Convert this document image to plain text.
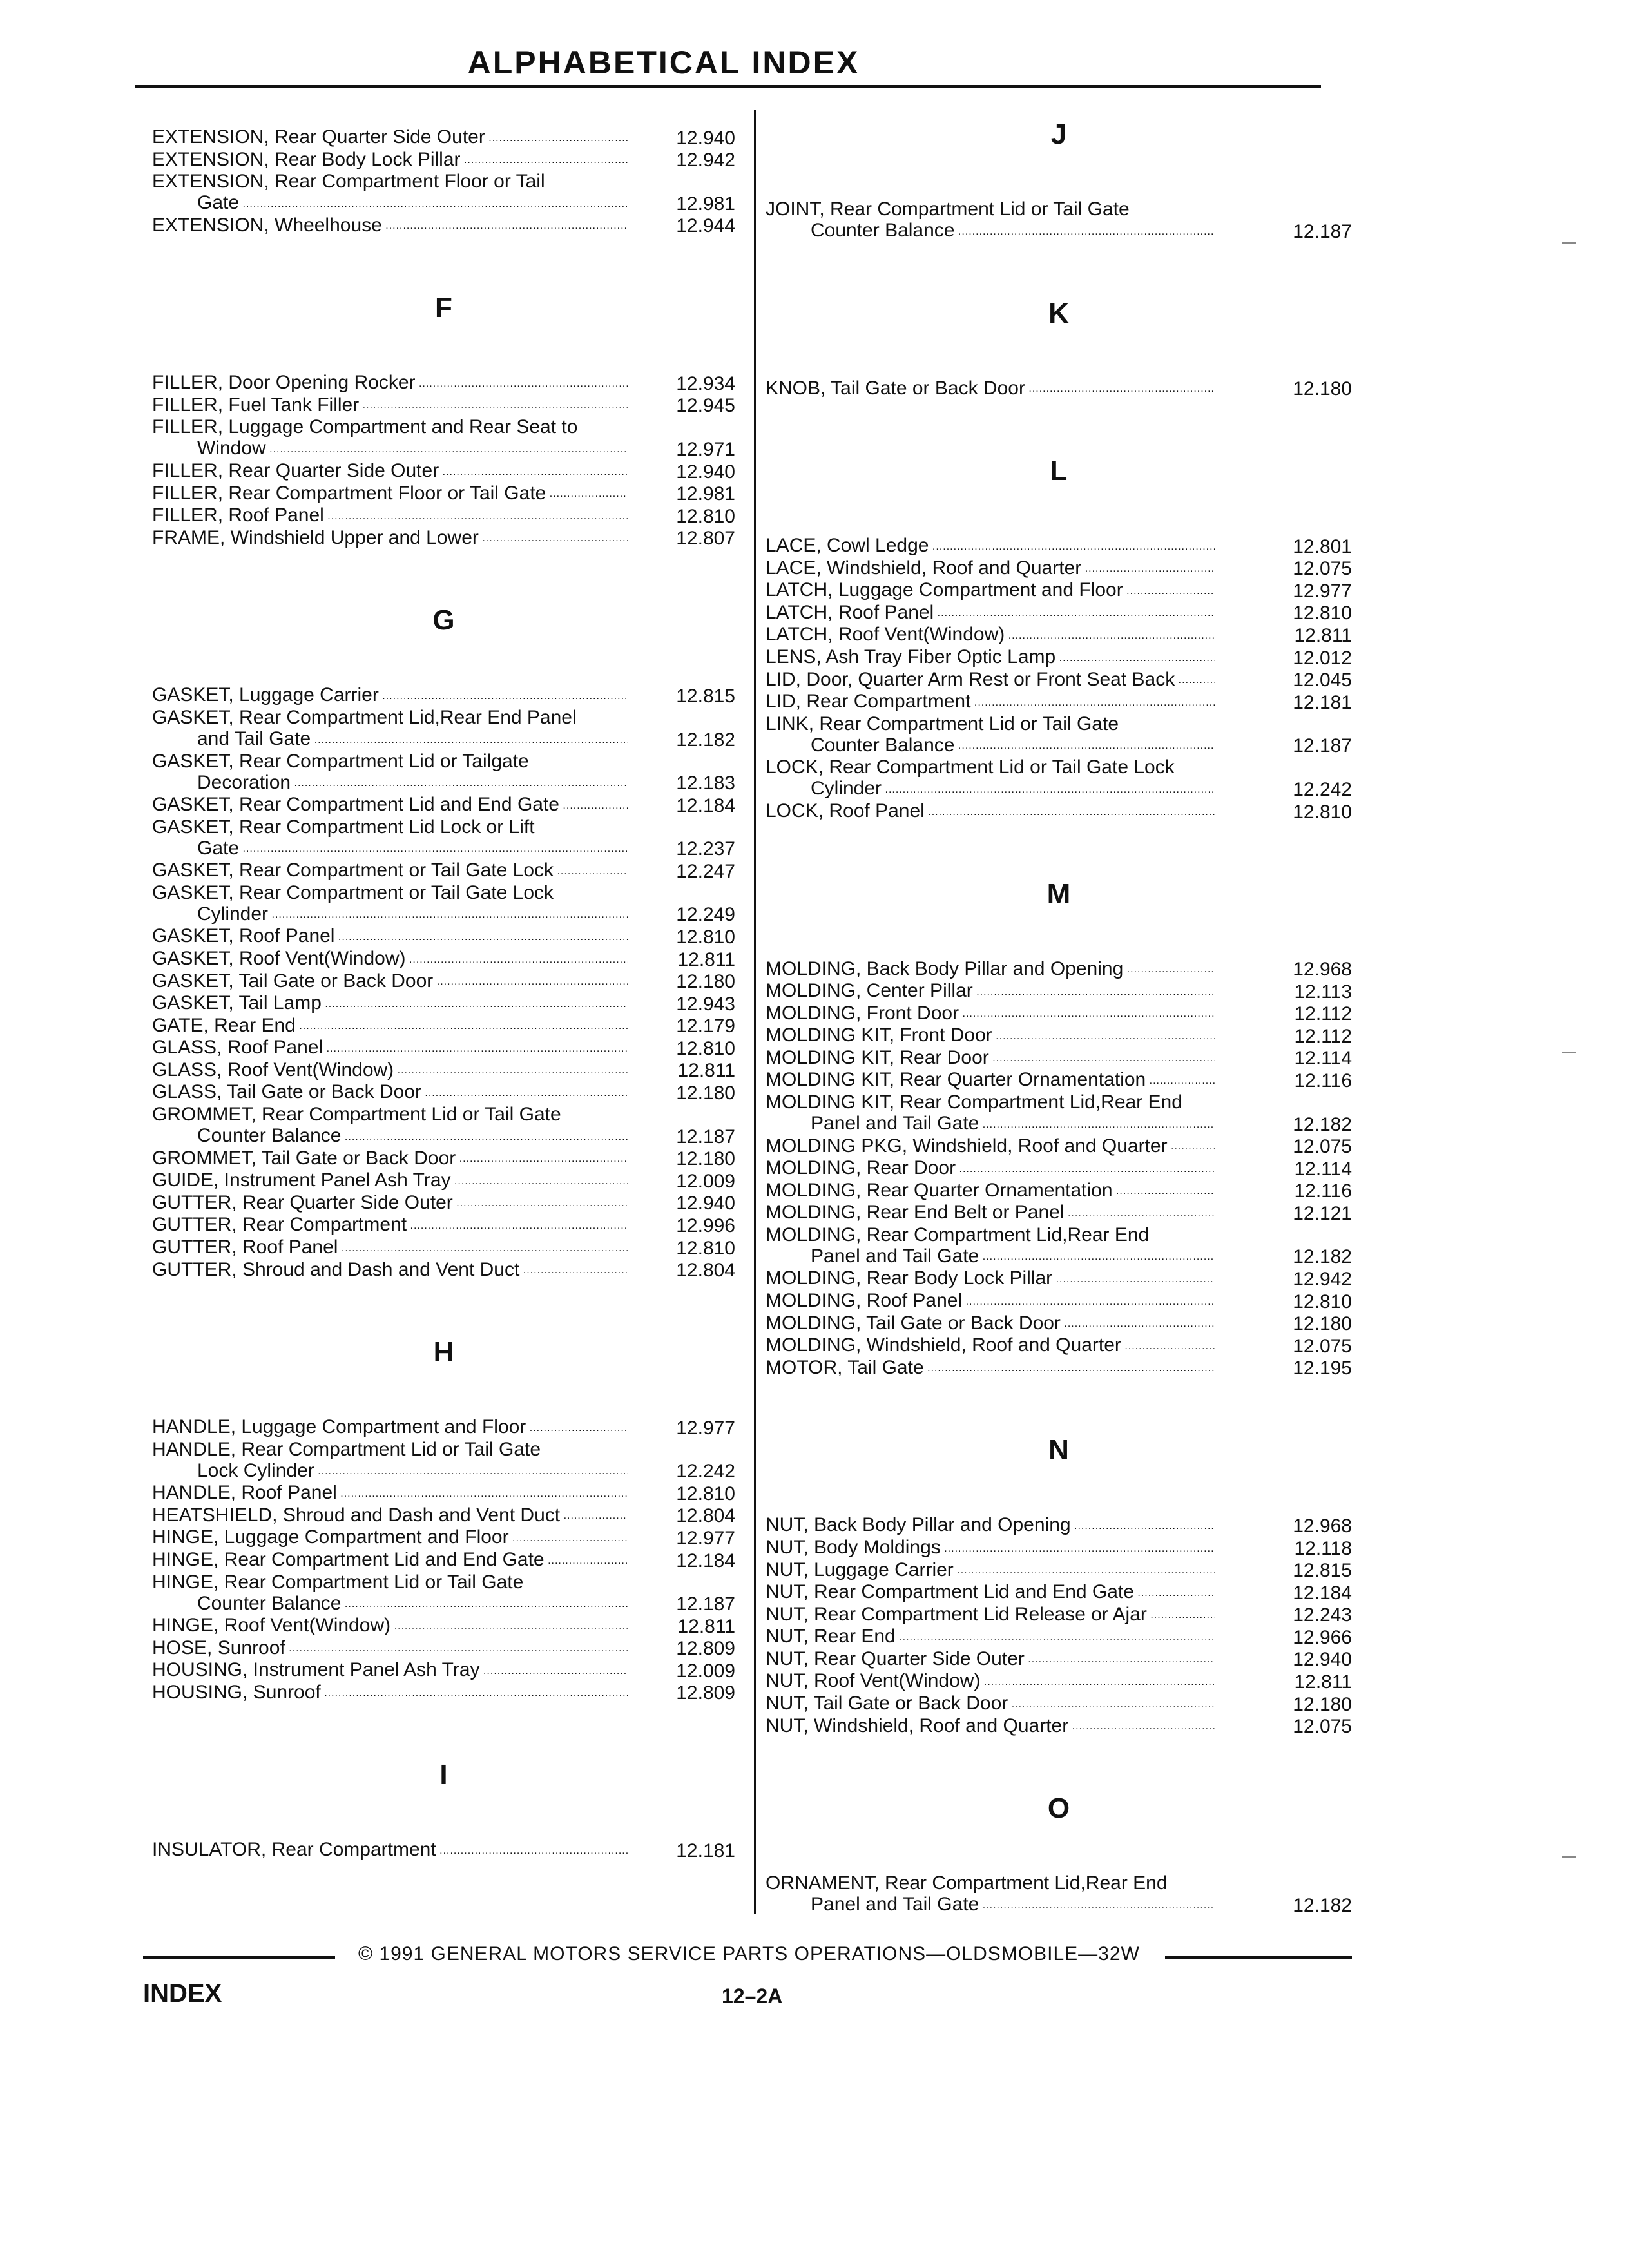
ALPHABETICAL INDEX
EXTENSION, Rear Quarter Side Outer .....	12.940
EXTENSION, Rear Body Lock Pillar .....	12.942
EXTENSION, Rear Compartment Floor or Tail
Gate .....	12.981
EXTENSION, Wheelhouse .....	12.944
F
FILLER, Door Opening Rocker .....	12.934
FILLER, Fuel Tank Filler .....	12.945
FILLER, Luggage Compartment and Rear Seat to
Window .....	12.971
FILLER, Rear Quarter Side Outer .....	12.940
FILLER, Rear Compartment Floor or Tail Gate .....	12.981
FILLER, Roof Panel .....	12.810
FRAME, Windshield Upper and Lower .....	12.807
G
GASKET, Luggage Carrier .....	12.815
GASKET, Rear Compartment Lid,Rear End Panel
and Tail Gate .....	12.182
GASKET, Rear Compartment Lid or Tailgate
Decoration .....	12.183
GASKET, Rear Compartment Lid and End Gate .....	12.184
GASKET, Rear Compartment Lid Lock or Lift
Gate .....	12.237
GASKET, Rear Compartment or Tail Gate Lock .....	12.247
GASKET, Rear Compartment or Tail Gate Lock
Cylinder .....	12.249
GASKET, Roof Panel .....	12.810
GASKET, Roof Vent(Window) .....	12.811
GASKET, Tail Gate or Back Door .....	12.180
GASKET, Tail Lamp .....	12.943
GATE, Rear End .....	12.179
GLASS, Roof Panel .....	12.810
GLASS, Roof Vent(Window) .....	12.811
GLASS, Tail Gate or Back Door .....	12.180
GROMMET, Rear Compartment Lid or Tail Gate
Counter Balance .....	12.187
GROMMET, Tail Gate or Back Door .....	12.180
GUIDE, Instrument Panel Ash Tray .....	12.009
GUTTER, Rear Quarter Side Outer .....	12.940
GUTTER, Rear Compartment .....	12.996
GUTTER, Roof Panel .....	12.810
GUTTER, Shroud and Dash and Vent Duct .....	12.804
H
HANDLE, Luggage Compartment and Floor .....	12.977
HANDLE, Rear Compartment Lid or Tail Gate
Lock Cylinder .....	12.242
HANDLE, Roof Panel .....	12.810
HEATSHIELD, Shroud and Dash and Vent Duct .....	12.804
HINGE, Luggage Compartment and Floor .....	12.977
HINGE, Rear Compartment Lid and End Gate .....	12.184
HINGE, Rear Compartment Lid or Tail Gate
Counter Balance .....	12.187
HINGE, Roof Vent(Window) .....	12.811
HOSE, Sunroof .....	12.809
HOUSING, Instrument Panel Ash Tray .....	12.009
HOUSING, Sunroof .....	12.809
I
INSULATOR, Rear Compartment .....	12.181
J
JOINT, Rear Compartment Lid or Tail Gate
Counter Balance .....	12.187
K
KNOB, Tail Gate or Back Door .....	12.180
L
LACE, Cowl Ledge .....	12.801
LACE, Windshield, Roof and Quarter .....	12.075
LATCH, Luggage Compartment and Floor .....	12.977
LATCH, Roof Panel .....	12.810
LATCH, Roof Vent(Window) .....	12.811
LENS, Ash Tray Fiber Optic Lamp .....	12.012
LID, Door, Quarter Arm Rest or Front Seat Back .....	12.045
LID, Rear Compartment .....	12.181
LINK, Rear Compartment Lid or Tail Gate
Counter Balance .....	12.187
LOCK, Rear Compartment Lid or Tail Gate Lock
Cylinder .....	12.242
LOCK, Roof Panel .....	12.810
M
MOLDING, Back Body Pillar and Opening .....	12.968
MOLDING, Center Pillar .....	12.113
MOLDING, Front Door .....	12.112
MOLDING KIT, Front Door .....	12.112
MOLDING KIT, Rear Door .....	12.114
MOLDING KIT, Rear Quarter Ornamentation .....	12.116
MOLDING KIT, Rear Compartment Lid,Rear End
Panel and Tail Gate .....	12.182
MOLDING PKG, Windshield, Roof and Quarter .....	12.075
MOLDING, Rear Door .....	12.114
MOLDING, Rear Quarter Ornamentation .....	12.116
MOLDING, Rear End Belt or Panel .....	12.121
MOLDING, Rear Compartment Lid,Rear End
Panel and Tail Gate .....	12.182
MOLDING, Rear Body Lock Pillar .....	12.942
MOLDING, Roof Panel .....	12.810
MOLDING, Tail Gate or Back Door .....	12.180
MOLDING, Windshield, Roof and Quarter .....	12.075
MOTOR, Tail Gate .....	12.195
N
NUT, Back Body Pillar and Opening .....	12.968
NUT, Body Moldings .....	12.118
NUT, Luggage Carrier .....	12.815
NUT, Rear Compartment Lid and End Gate .....	12.184
NUT, Rear Compartment Lid Release or Ajar .....	12.243
NUT, Rear End .....	12.966
NUT, Rear Quarter Side Outer .....	12.940
NUT, Roof Vent(Window) .....	12.811
NUT, Tail Gate or Back Door .....	12.180
NUT, Windshield, Roof and Quarter .....	12.075
O
ORNAMENT, Rear Compartment Lid,Rear End
Panel and Tail Gate .....	12.182
© 1991 GENERAL MOTORS SERVICE PARTS OPERATIONS—OLDSMOBILE—32W
INDEX	12–2A
